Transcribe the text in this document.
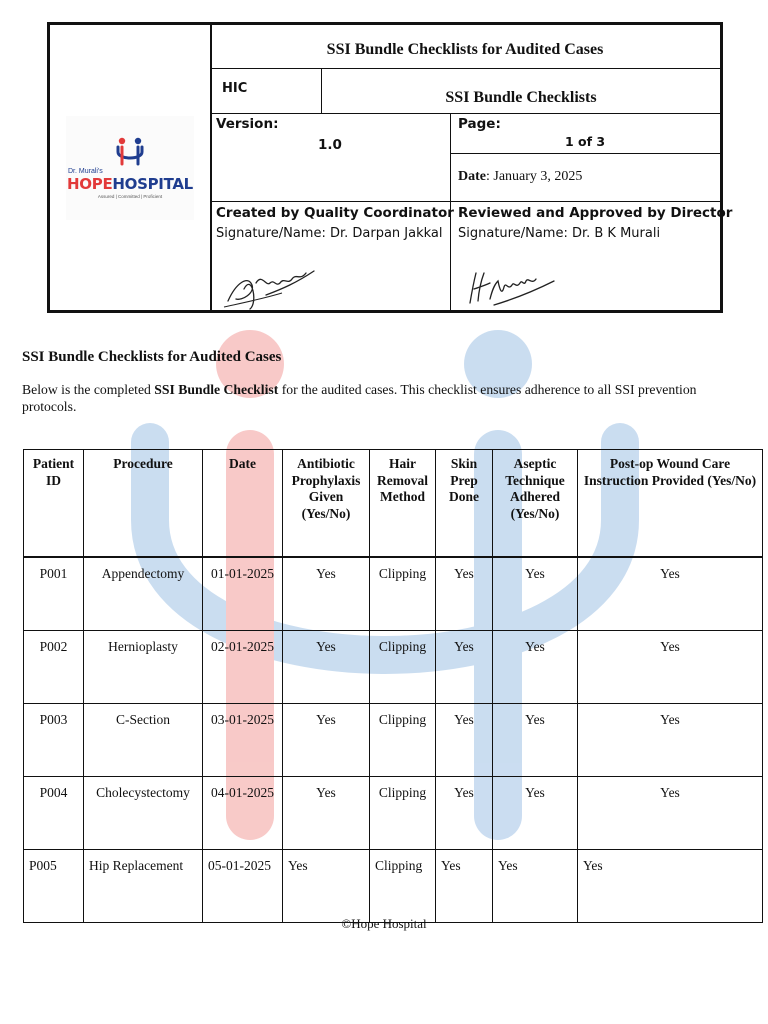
Dr. Murali's
HOPEHOSPITAL
Assured | Committed | Proficient
SSI Bundle Checklists for Audited Cases
HIC
SSI Bundle Checklists
Version:
1.0
Page:
1 of 3
Date: January 3, 2025
Created by Quality Coordinator
Signature/Name: Dr. Darpan Jakkal
Reviewed and Approved by Director
Signature/Name: Dr. B K Murali
SSI Bundle Checklists for Audited Cases
Below is the completed SSI Bundle Checklist for the audited cases. This checklist ensures adherence to all SSI prevention protocols.
Patient ID	Procedure	Date	Antibiotic Prophylaxis Given (Yes/No)	Hair Removal Method	Skin Prep Done	Aseptic Technique Adhered (Yes/No)	Post-op Wound Care Instruction Provided (Yes/No)
P001	Appendectomy	01-01-2025	Yes	Clipping	Yes	Yes	Yes
P002	Hernioplasty	02-01-2025	Yes	Clipping	Yes	Yes	Yes
P003	C-Section	03-01-2025	Yes	Clipping	Yes	Yes	Yes
P004	Cholecystectomy	04-01-2025	Yes	Clipping	Yes	Yes	Yes
P005	Hip Replacement	05-01-2025	Yes	Clipping	Yes	Yes	Yes
©Hope Hospital
